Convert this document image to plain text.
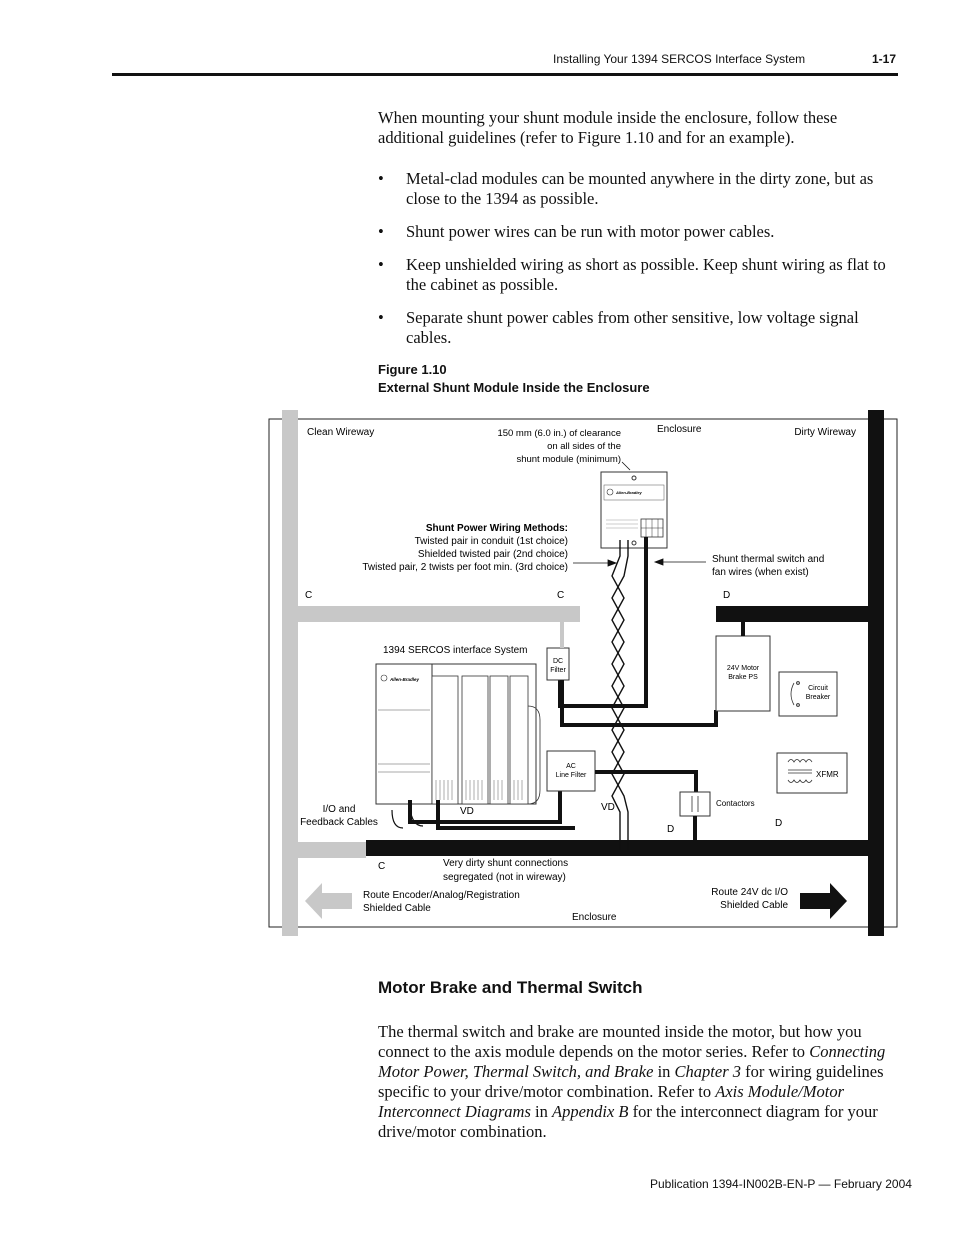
Installing Your 1394 SERCOS Interface System	1-17
When mounting your shunt module inside the enclosure, follow these additional guidelines (refer to Figure 1.10 and for an example).
• Metal-clad modules can be mounted anywhere in the dirty zone, but as close to the 1394 as possible.
• Shunt power wires can be run with motor power cables.
• Keep unshielded wiring as short as possible. Keep shunt wiring as flat to the cabinet as possible.
• Separate shunt power cables from other sensitive, low voltage signal cables.
Figure 1.10
External Shunt Module Inside the Enclosure
Allen-Bradley
DC
Filter
Allen-Bradley
1394 SERCOS interface System
AC
Line Filter
Contactors
24V Motor
Brake PS
Circuit
Breaker
XFMR
Clean Wireway	Dirty Wireway
150 mm (6.0 in.) of clearance
on all sides of the
shunt module (minimum)
Enclosure
Shunt Power Wiring Methods:
Twisted pair in conduit (1st choice)
Shielded twisted pair (2nd choice)
Twisted pair, 2 twists per foot min. (3rd choice)
Shunt thermal switch and
fan wires (when exist)
C	C	D
D
D
VD	VD
C
I/O and
Feedback Cables
Very dirty shunt connections
segregated (not in wireway)
Route Encoder/Analog/Registration
Shielded Cable
Route 24V dc I/O
Shielded Cable
Enclosure
Motor Brake and Thermal Switch
The thermal switch and brake are mounted inside the motor, but how you connect to the axis module depends on the motor series. Refer to Connecting Motor Power, Thermal Switch, and Brake in Chapter 3 for wiring guidelines specific to your drive/motor combination. Refer to Axis Module/Motor Interconnect Diagrams in Appendix B for the interconnect diagram for your drive/motor combination.
Publication 1394-IN002B-EN-P — February 2004
